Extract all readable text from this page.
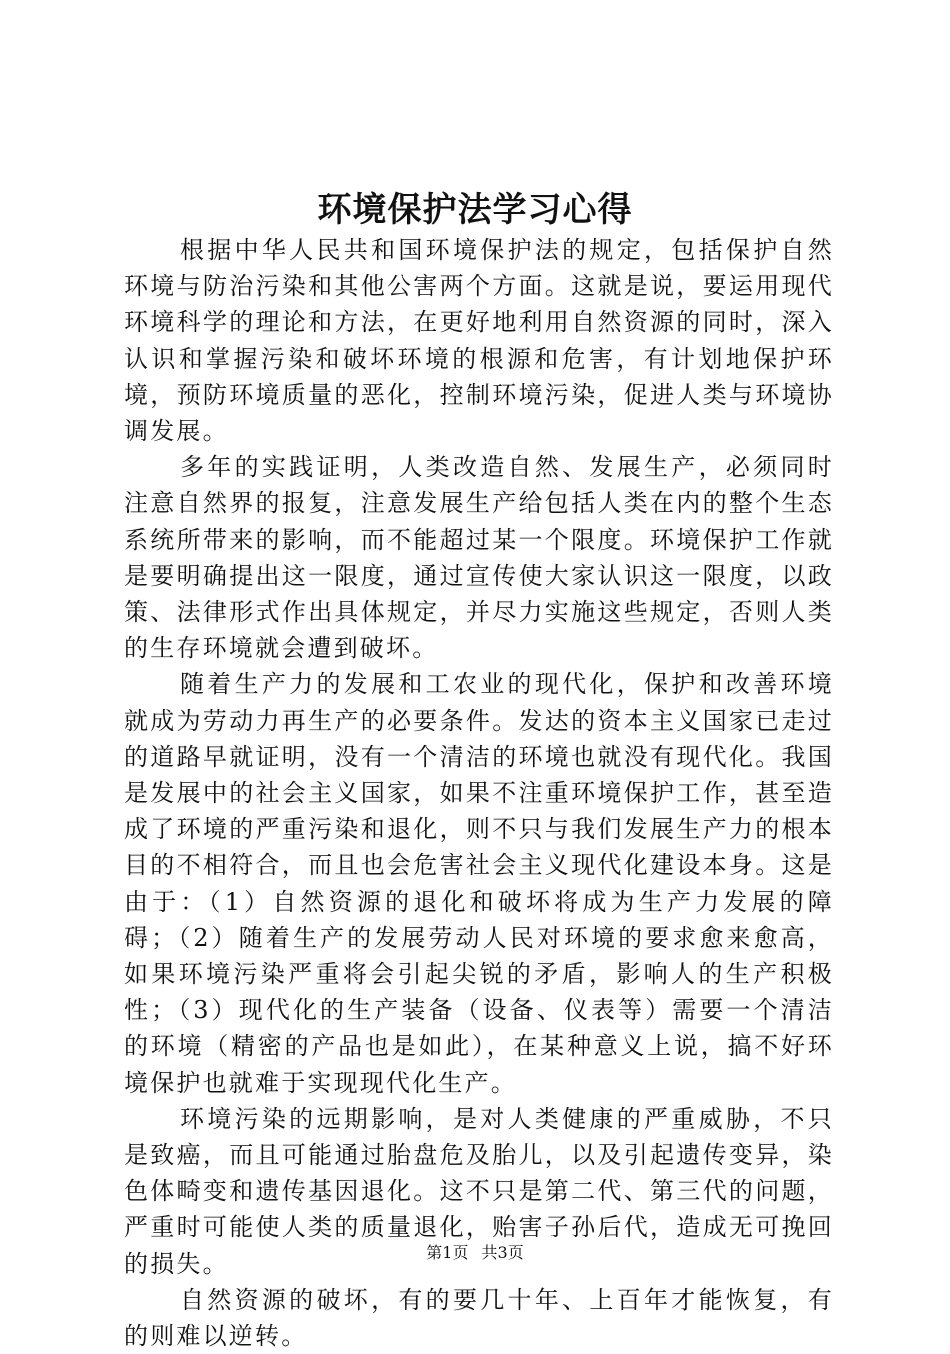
环境保护法学习心得

根据中华人民共和国环境保护法的规定，包括保护自然环境与防治污染和其他公害两个方面。这就是说，要运用现代环境科学的理论和方法，在更好地利用自然资源的同时，深入认识和掌握污染和破坏环境的根源和危害，有计划地保护环境，预防环境质量的恶化，控制环境污染，促进人类与环境协调发展。

多年的实践证明，人类改造自然、发展生产，必须同时注意自然界的报复，注意发展生产给包括人类在内的整个生态系统所带来的影响，而不能超过某一个限度。环境保护工作就是要明确提出这一限度，通过宣传使大家认识这一限度，以政策、法律形式作出具体规定，并尽力实施这些规定，否则人类的生存环境就会遭到破坏。

随着生产力的发展和工农业的现代化，保护和改善环境就成为劳动力再生产的必要条件。发达的资本主义国家已走过的道路早就证明，没有一个清洁的环境也就没有现代化。我国是发展中的社会主义国家，如果不注重环境保护工作，甚至造成了环境的严重污染和退化，则不只与我们发展生产力的根本目的不相符合，而且也会危害社会主义现代化建设本身。这是由于：（1）自然资源的退化和破坏将成为生产力发展的障碍；（2）随着生产的发展劳动人民对环境的要求愈来愈高，如果环境污染严重将会引起尖锐的矛盾，影响人的生产积极性；（3）现代化的生产装备（设备、仪表等）需要一个清洁的环境（精密的产品也是如此），在某种意义上说，搞不好环境保护也就难于实现现代化生产。

环境污染的远期影响，是对人类健康的严重威胁，不只是致癌，而且可能通过胎盘危及胎儿，以及引起遗传变异，染色体畸变和遗传基因退化。这不只是第二代、第三代的问题，严重时可能使人类的质量退化，贻害子孙后代，造成无可挽回的损失。

自然资源的破坏，有的要几十年、上百年才能恢复，有的则难以逆转。

第1页 共3页
